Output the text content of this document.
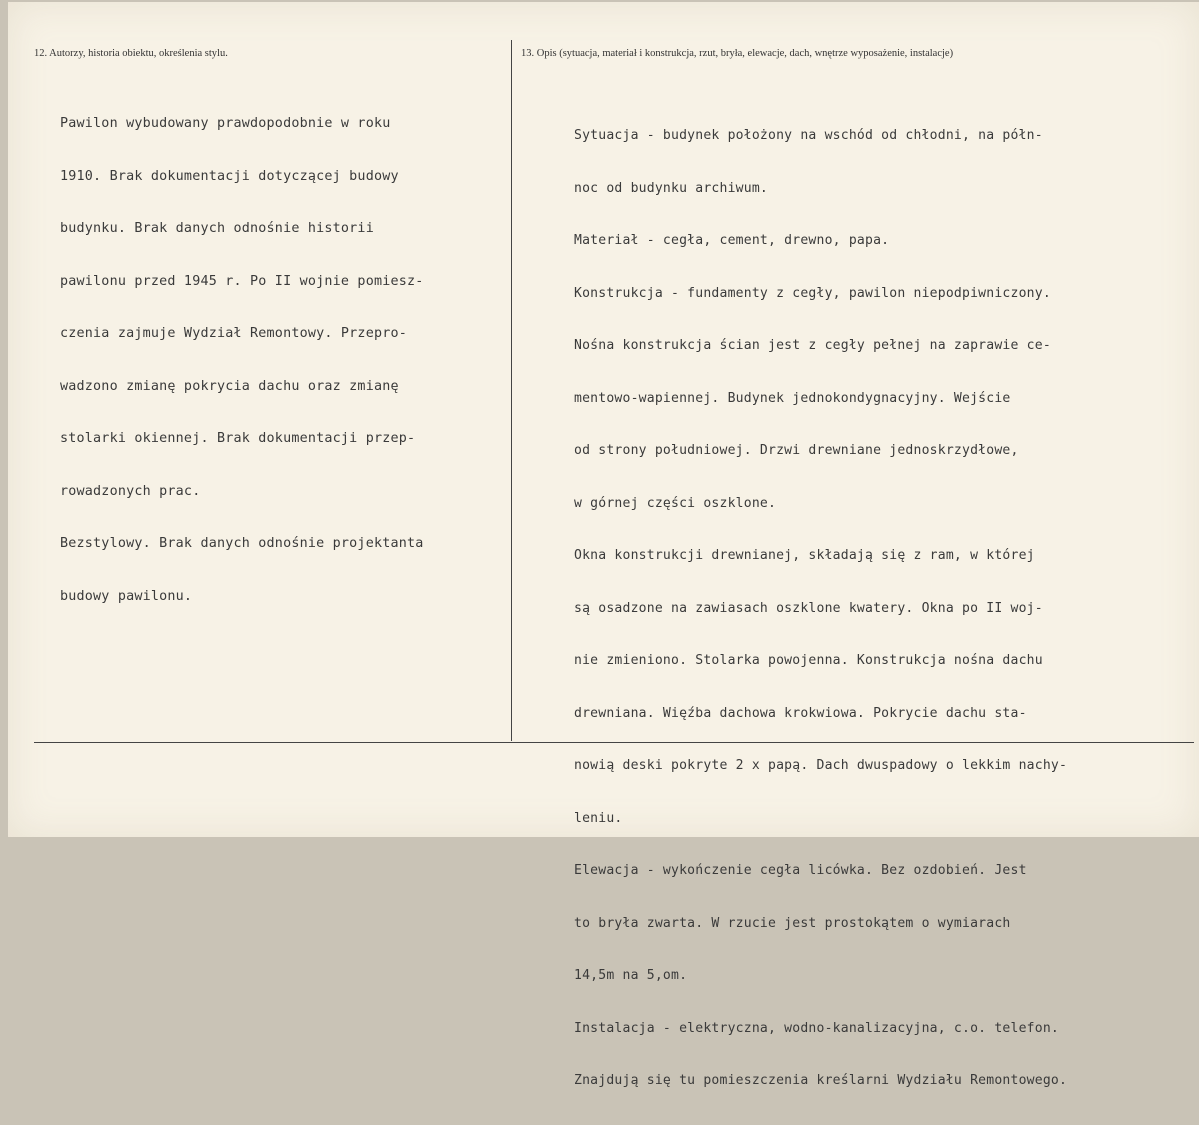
12. Autorzy, historia obiektu, określenia stylu.	13. Opis (sytuacja, materiał i konstrukcja, rzut, bryła, elewacje, dach, wnętrze wyposażenie, instalacje)

Pawilon wybudowany prawdopodobnie w roku

1910. Brak dokumentacji dotyczącej budowy

budynku. Brak danych odnośnie historii

pawilonu przed 1945 r. Po II wojnie pomiesz-

czenia zajmuje Wydział Remontowy. Przepro-

wadzono zmianę pokrycia dachu oraz zmianę

stolarki okiennej. Brak dokumentacji przep-

rowadzonych prac.

Bezstylowy. Brak danych odnośnie projektanta

budowy pawilonu.

Sytuacja - budynek położony na wschód od chłodni, na półn-

noc od budynku archiwum.

Materiał - cegła, cement, drewno, papa.

Konstrukcja - fundamenty z cegły, pawilon niepodpiwniczony.

Nośna konstrukcja ścian jest z cegły pełnej na zaprawie ce-

mentowo-wapiennej. Budynek jednokondygnacyjny. Wejście

od strony południowej. Drzwi drewniane jednoskrzydłowe,

w górnej części oszklone.

Okna konstrukcji drewnianej, składają się z ram, w której

są osadzone na zawiasach oszklone kwatery. Okna po II woj-

nie zmieniono. Stolarka powojenna. Konstrukcja nośna dachu

drewniana. Więźba dachowa krokwiowa. Pokrycie dachu sta-

nowią deski pokryte 2 x papą. Dach dwuspadowy o lekkim nachy-

leniu.

Elewacja - wykończenie cegła licówka. Bez ozdobień. Jest

to bryła zwarta. W rzucie jest prostokątem o wymiarach

14,5m na 5,om.

Instalacja - elektryczna, wodno-kanalizacyjna, c.o. telefon.

Znajdują się tu pomieszczenia kreślarni Wydziału Remontowego.
